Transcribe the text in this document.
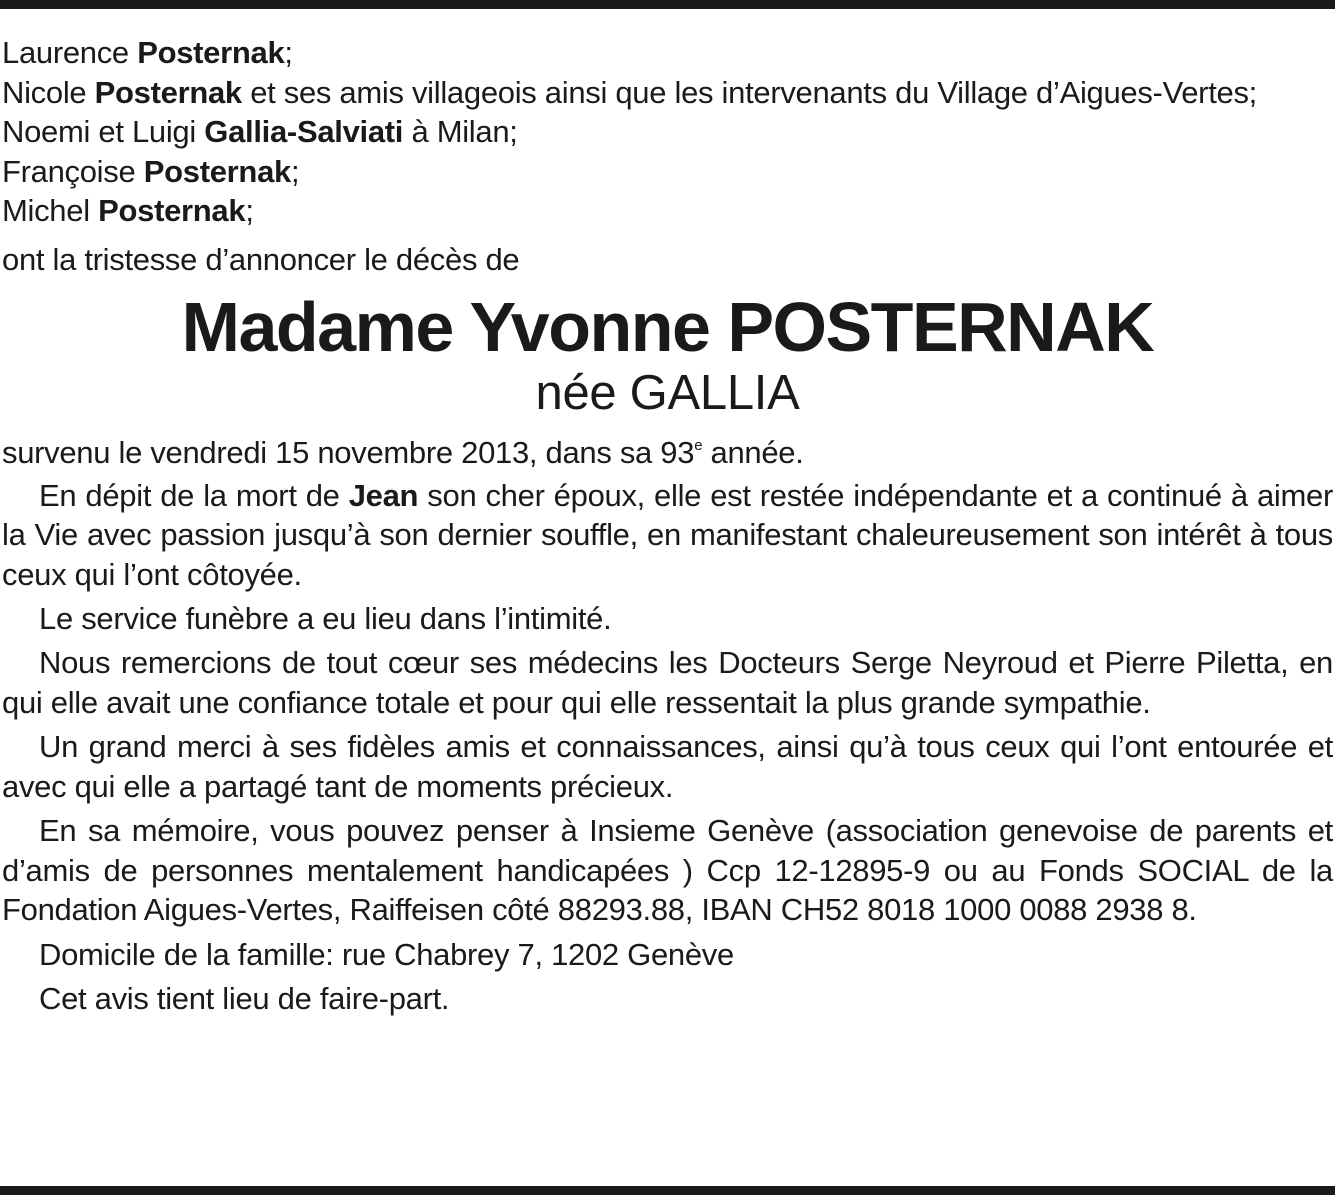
Laurence Posternak;
Nicole Posternak et ses amis villageois ainsi que les intervenants du Village d’Aigues-Vertes;
Noemi et Luigi Gallia-Salviati à Milan;
Françoise Posternak;
Michel Posternak;
ont la tristesse d’annoncer le décès de
Madame Yvonne POSTERNAK
née GALLIA
survenu le vendredi 15 novembre 2013, dans sa 93e année.
En dépit de la mort de Jean son cher époux, elle est restée indépendante et a continué à aimer la Vie avec passion jusqu’à son dernier souffle, en manifestant chaleureusement son intérêt à tous ceux qui l’ont côtoyée.
Le service funèbre a eu lieu dans l’intimité.
Nous remercions de tout cœur ses médecins les Docteurs Serge Neyroud et Pierre Piletta, en qui elle avait une confiance totale et pour qui elle ressentait la plus grande sympathie.
Un grand merci à ses fidèles amis et connaissances, ainsi qu’à tous ceux qui l’ont entourée et avec qui elle a partagé tant de moments précieux.
En sa mémoire, vous pouvez penser à Insieme Genève (association genevoise de parents et d’amis de personnes mentalement handicapées ) Ccp 12-12895-9 ou au Fonds SOCIAL de la Fondation Aigues-Vertes, Raiffeisen côté 88293.88, IBAN CH52 8018 1000 0088 2938 8.
Domicile de la famille: rue Chabrey 7, 1202 Genève
Cet avis tient lieu de faire-part.
